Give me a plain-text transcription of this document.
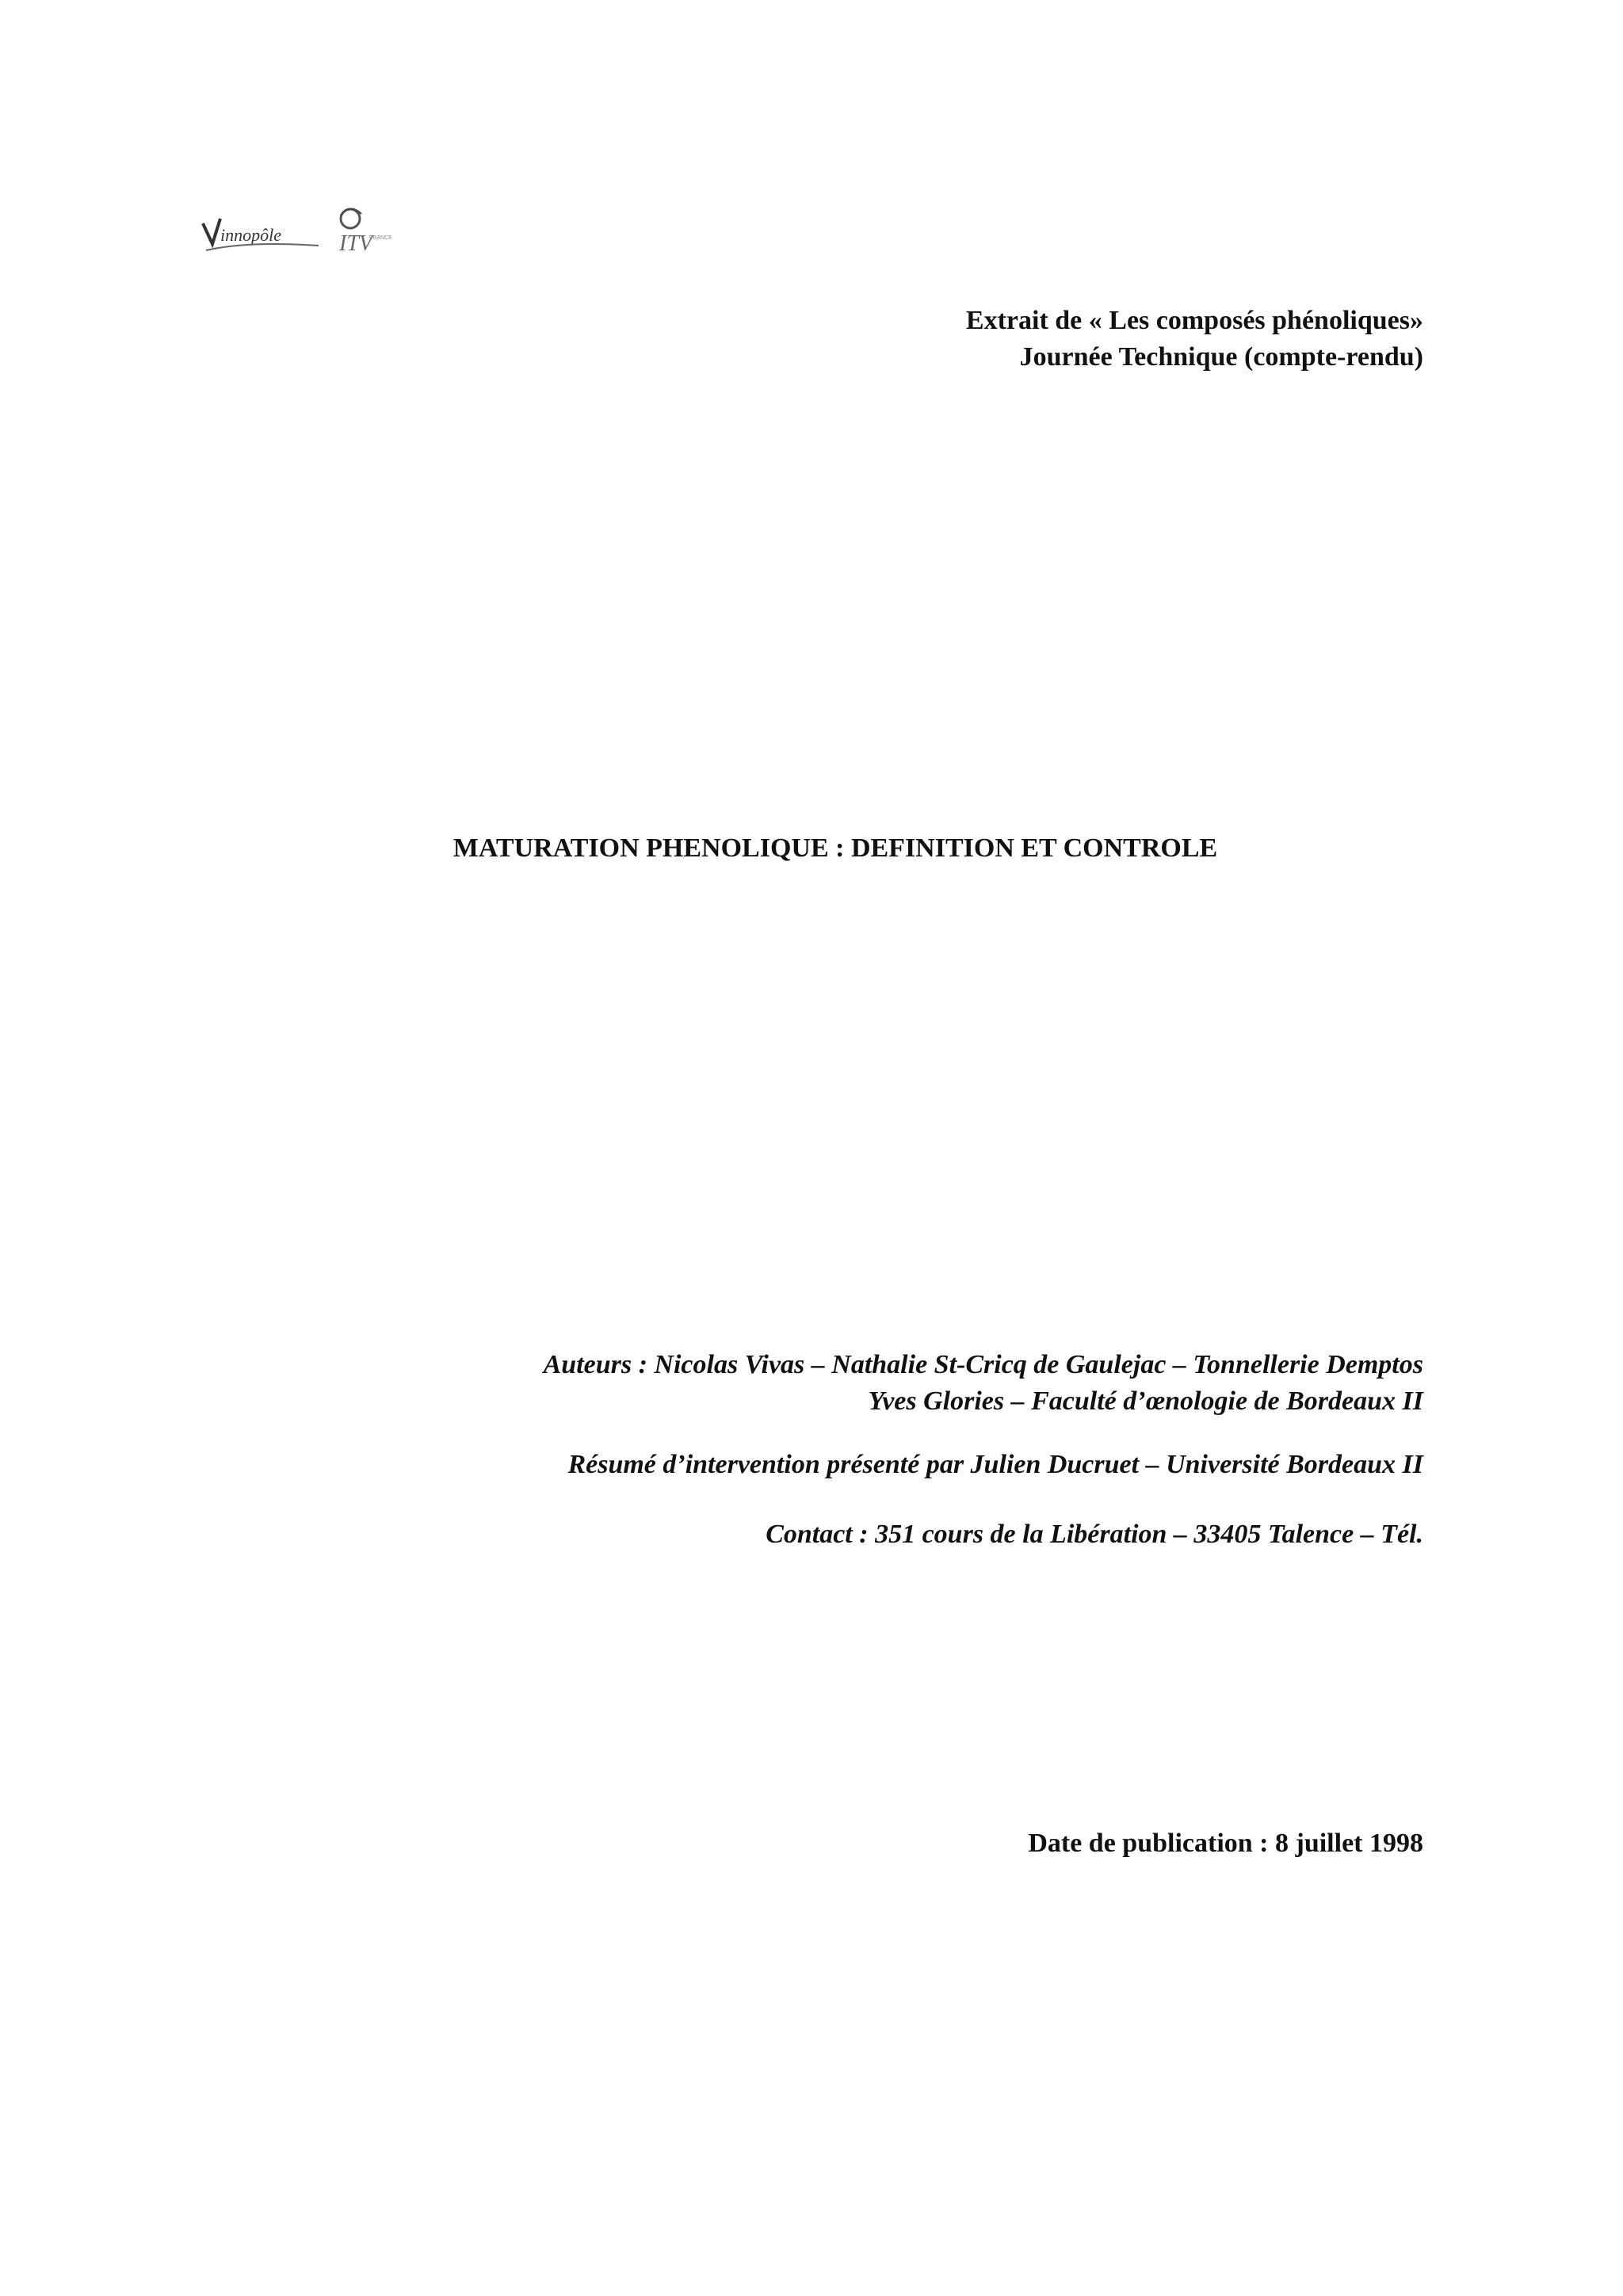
innopôle	ITV
FRANCE
Extrait de « Les composés phénoliques»
Journée Technique (compte-rendu)
MATURATION PHENOLIQUE : DEFINITION ET CONTROLE
Auteurs : Nicolas Vivas – Nathalie St-Cricq de Gaulejac – Tonnellerie Demptos
Yves Glories – Faculté d’œnologie de Bordeaux II
Résumé d’intervention présenté par Julien Ducruet – Université Bordeaux II
Contact : 351 cours de la Libération – 33405 Talence – Tél.
Date de publication : 8 juillet 1998
